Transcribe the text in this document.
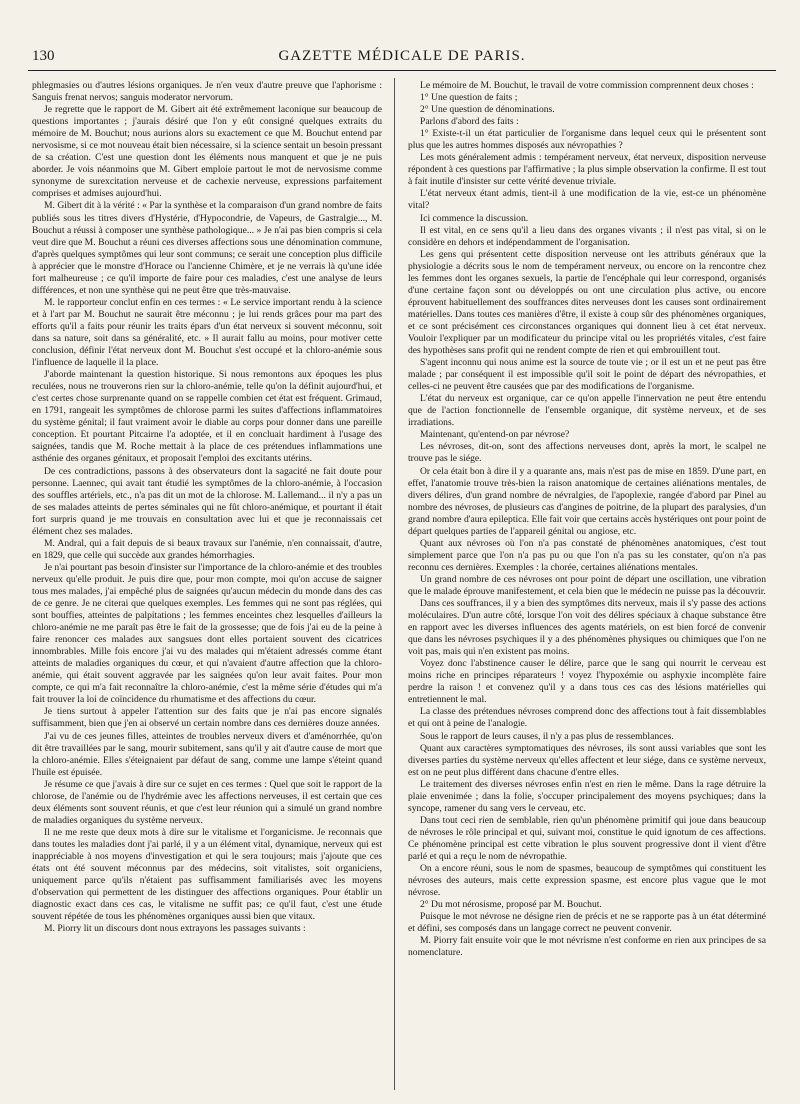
130	GAZETTE MÉDICALE DE PARIS.

phlegmasies ou d'autres lésions organiques. Je n'en veux d'autre preuve que l'aphorisme : Sanguis frenat nervos; sanguis moderator nervorum.

Je regrette que le rapport de M. Gibert ait été extrêmement laconique sur beaucoup de questions importantes ; j'aurais désiré que l'on y eût consigné quelques extraits du mémoire de M. Bouchut; nous aurions alors su exactement ce que M. Bouchut entend par nervosisme, si ce mot nouveau était bien nécessaire, si la science sentait un besoin pressant de sa création. C'est une question dont les éléments nous manquent et que je ne puis aborder. Je vois néanmoins que M. Gibert emploie partout le mot de nervosisme comme synonyme de surexcitation nerveuse et de cachexie nerveuse, expressions parfaitement comprises et admises aujourd'hui.

M. Gibert dit à la vérité : « Par la synthèse et la comparaison d'un grand nombre de faits publiés sous les titres divers d'Hystérie, d'Hypocondrie, de Vapeurs, de Gastralgie..., M. Bouchut a réussi à composer une synthèse pathologique... » Je n'ai pas bien compris si cela veut dire que M. Bouchut a réuni ces diverses affections sous une dénomination commune, d'après quelques symptômes qui leur sont communs; ce serait une conception plus difficile à apprécier que le monstre d'Horace ou l'ancienne Chimère, et je ne verrais là qu'une idée fort malheureuse ; ce qu'il importe de faire pour ces maladies, c'est une analyse de leurs différences, et non une synthèse qui ne peut être que très-mauvaise.

M. le rapporteur conclut enfin en ces termes : « Le service important rendu à la science et à l'art par M. Bouchut ne saurait être méconnu ; je lui rends grâces pour ma part des efforts qu'il a faits pour réunir les traits épars d'un état nerveux si souvent méconnu, soit dans sa nature, soit dans sa généralité, etc. » Il aurait fallu au moins, pour motiver cette conclusion, définir l'état nerveux dont M. Bouchut s'est occupé et la chloro-anémie sous l'influence de laquelle il la place.

J'aborde maintenant la question historique. Si nous remontons aux époques les plus reculées, nous ne trouverons rien sur la chloro-anémie, telle qu'on la définit aujourd'hui, et c'est certes chose surprenante quand on se rappelle combien cet état est fréquent. Grimaud, en 1791, rangeait les symptômes de chlorose parmi les suites d'affections inflammatoires du système génital; il faut vraiment avoir le diable au corps pour donner dans une pareille conception. Et pourtant Pitcairne l'a adoptée, et il en concluait hardiment à l'usage des saignées, tandis que M. Roche mettait à la place de ces prétendues inflammations une asthénie des organes génitaux, et proposait l'emploi des excitants utérins.

De ces contradictions, passons à des observateurs dont la sagacité ne fait doute pour personne. Laennec, qui avait tant étudié les symptômes de la chloro-anémie, à l'occasion des souffles artériels, etc., n'a pas dit un mot de la chlorose. M. Lallemand... il n'y a pas un de ses malades atteints de pertes séminales qui ne fût chloro-anémique, et pourtant il était fort surpris quand je me trouvais en consultation avec lui et que je reconnaissais cet élément chez ses malades.

M. Andral, qui a fait depuis de si beaux travaux sur l'anémie, n'en connaissait, d'autre, en 1829, que celle qui succède aux grandes hémorrhagies.

Je n'ai pourtant pas besoin d'insister sur l'importance de la chloro-anémie et des troubles nerveux qu'elle produit. Je puis dire que, pour mon compte, moi qu'on accuse de saigner tous mes malades, j'ai empêché plus de saignées qu'aucun médecin du monde dans des cas de ce genre. Je ne citerai que quelques exemples. Les femmes qui ne sont pas réglées, qui sont bouffies, atteintes de palpitations ; les femmes enceintes chez lesquelles d'ailleurs la chloro-anémie ne me paraît pas être le fait de la grossesse; que de fois j'ai eu de la peine à faire renoncer ces malades aux sangsues dont elles portaient souvent des cicatrices innombrables. Mille fois encore j'ai vu des malades qui m'étaient adressés comme étant atteints de maladies organiques du cœur, et qui n'avaient d'autre affection que la chloro-anémie, qui était souvent aggravée par les saignées qu'on leur avait faites. Pour mon compte, ce qui m'a fait reconnaître la chloro-anémie, c'est la même série d'études qui m'a fait trouver la loi de coïncidence du rhumatisme et des affections du cœur.

Je tiens surtout à appeler l'attention sur des faits que je n'ai pas encore signalés suffisamment, bien que j'en ai observé un certain nombre dans ces dernières douze années.

J'ai vu de ces jeunes filles, atteintes de troubles nerveux divers et d'aménorrhée, qu'on dit être travaillées par le sang, mourir subitement, sans qu'il y ait d'autre cause de mort que la chloro-anémie. Elles s'éteignaient par défaut de sang, comme une lampe s'éteint quand l'huile est épuisée.

Je résume ce que j'avais à dire sur ce sujet en ces termes : Quel que soit le rapport de la chlorose, de l'anémie ou de l'hydrémie avec les affections nerveuses, il est certain que ces deux éléments sont souvent réunis, et que c'est leur réunion qui a simulé un grand nombre de maladies organiques du système nerveux.

Il ne me reste que deux mots à dire sur le vitalisme et l'organicisme. Je reconnais que dans toutes les maladies dont j'ai parlé, il y a un élément vital, dynamique, nerveux qui est inappréciable à nos moyens d'investigation et qui le sera toujours; mais j'ajoute que ces états ont été souvent méconnus par des médecins, soit vitalistes, soit organiciens, uniquement parce qu'ils n'étaient pas suffisamment familiarisés avec les moyens d'observation qui permettent de les distinguer des affections organiques. Pour établir un diagnostic exact dans ces cas, le vitalisme ne suffit pas; ce qu'il faut, c'est une étude souvent répétée de tous les phénomènes organiques aussi bien que vitaux.

M. Piorry lit un discours dont nous extrayons les passages suivants :

Le mémoire de M. Bouchut, le travail de votre commission comprennent deux choses :

1° Une question de faits ;

2° Une question de dénominations.

Parlons d'abord des faits :

1° Existe-t-il un état particulier de l'organisme dans lequel ceux qui le présentent sont plus que les autres hommes disposés aux névropathies ?

Les mots généralement admis : tempérament nerveux, état nerveux, disposition nerveuse répondent à ces questions par l'affirmative ; la plus simple observation la confirme. Il est tout à fait inutile d'insister sur cette vérité devenue triviale.

L'état nerveux étant admis, tient-il à une modification de la vie, est-ce un phénomène vital?

Ici commence la discussion.

Il est vital, en ce sens qu'il a lieu dans des organes vivants ; il n'est pas vital, si on le considère en dehors et indépendamment de l'organisation.

Les gens qui présentent cette disposition nerveuse ont les attributs généraux que la physiologie a décrits sous le nom de tempérament nerveux, ou encore on la rencontre chez les femmes dont les organes sexuels, la partie de l'encéphale qui leur correspond, organisés d'une certaine façon sont ou développés ou ont une circulation plus active, ou encore éprouvent habituellement des souffrances dites nerveuses dont les causes sont ordinairement matérielles. Dans toutes ces manières d'être, il existe à coup sûr des phénomènes organiques, et ce sont précisément ces circonstances organiques qui donnent lieu à cet état nerveux. Vouloir l'expliquer par un modificateur du principe vital ou les propriétés vitales, c'est faire des hypothèses sans profit qui ne rendent compte de rien et qui embrouillent tout.

S'agent inconnu qui nous anime est la source de toute vie ; or il est un et ne peut pas être malade ; par conséquent il est impossible qu'il soit le point de départ des névropathies, et celles-ci ne peuvent être causées que par des modifications de l'organisme.

L'état du nerveux est organique, car ce qu'on appelle l'innervation ne peut être entendu que de l'action fonctionnelle de l'ensemble organique, dit système nerveux, et de ses irradiations.

Maintenant, qu'entend-on par névrose?

Les névroses, dit-on, sont des affections nerveuses dont, après la mort, le scalpel ne trouve pas le siége.

Or cela était bon à dire il y a quarante ans, mais n'est pas de mise en 1859. D'une part, en effet, l'anatomie trouve très-bien la raison anatomique de certaines aliénations mentales, de divers délires, d'un grand nombre de névralgies, de l'apoplexie, rangée d'abord par Pinel au nombre des névroses, de plusieurs cas d'angines de poitrine, de la plupart des paralysies, d'un grand nombre d'aura epileptica. Elle fait voir que certains accès hystériques ont pour point de départ quelques parties de l'appareil génital ou angiose, etc.

Quant aux névroses où l'on n'a pas constaté de phénomènes anatomiques, c'est tout simplement parce que l'on n'a pas pu ou que l'on n'a pas su les constater, qu'on n'a pas reconnu ces dernières. Exemples : la chorée, certaines aliénations mentales.

Un grand nombre de ces névroses ont pour point de départ une oscillation, une vibration que le malade éprouve manifestement, et cela bien que le médecin ne puisse pas la découvrir.

Dans ces souffrances, il y a bien des symptômes dits nerveux, mais il s'y passe des actions moléculaires. D'un autre côté, lorsque l'on voit des délires spéciaux à chaque substance être en rapport avec les diverses influences des agents matériels, on est bien forcé de convenir que dans les névroses psychiques il y a des phénomènes physiques ou chimiques que l'on ne voit pas, mais qui n'en existent pas moins.

Voyez donc l'abstinence causer le délire, parce que le sang qui nourrit le cerveau est moins riche en principes réparateurs ! voyez l'hypoxémie ou asphyxie incomplète faire perdre la raison ! et convenez qu'il y a dans tous ces cas des lésions matérielles qui entretiennent le mal.

La classe des prétendues névroses comprend donc des affections tout à fait dissemblables et qui ont à peine de l'analogie.

Sous le rapport de leurs causes, il n'y a pas plus de ressemblances.

Quant aux caractères symptomatiques des névroses, ils sont aussi variables que sont les diverses parties du système nerveux qu'elles affectent et leur siége, dans ce système nerveux, est on ne peut plus différent dans chacune d'entre elles.

Le traitement des diverses névroses enfin n'est en rien le même. Dans la rage détruire la plaie envenimée ; dans la folie, s'occuper principalement des moyens psychiques; dans la syncope, ramener du sang vers le cerveau, etc.

Dans tout ceci rien de semblable, rien qu'un phénomène primitif qui joue dans beaucoup de névroses le rôle principal et qui, suivant moi, constitue le quid ignotum de ces affections. Ce phénomène principal est cette vibration le plus souvent progressive dont il vient d'être parlé et qui a reçu le nom de névropathie.

On a encore réuni, sous le nom de spasmes, beaucoup de symptômes qui constituent les névroses des auteurs, mais cette expression spasme, est encore plus vague que le mot névrose.

2° Du mot nérosisme, proposé par M. Bouchut.

Puisque le mot névrose ne désigne rien de précis et ne se rapporte pas à un état déterminé et défini, ses composés dans un langage correct ne peuvent convenir.

M. Piorry fait ensuite voir que le mot névrisme n'est conforme en rien aux principes de sa nomenclature.
